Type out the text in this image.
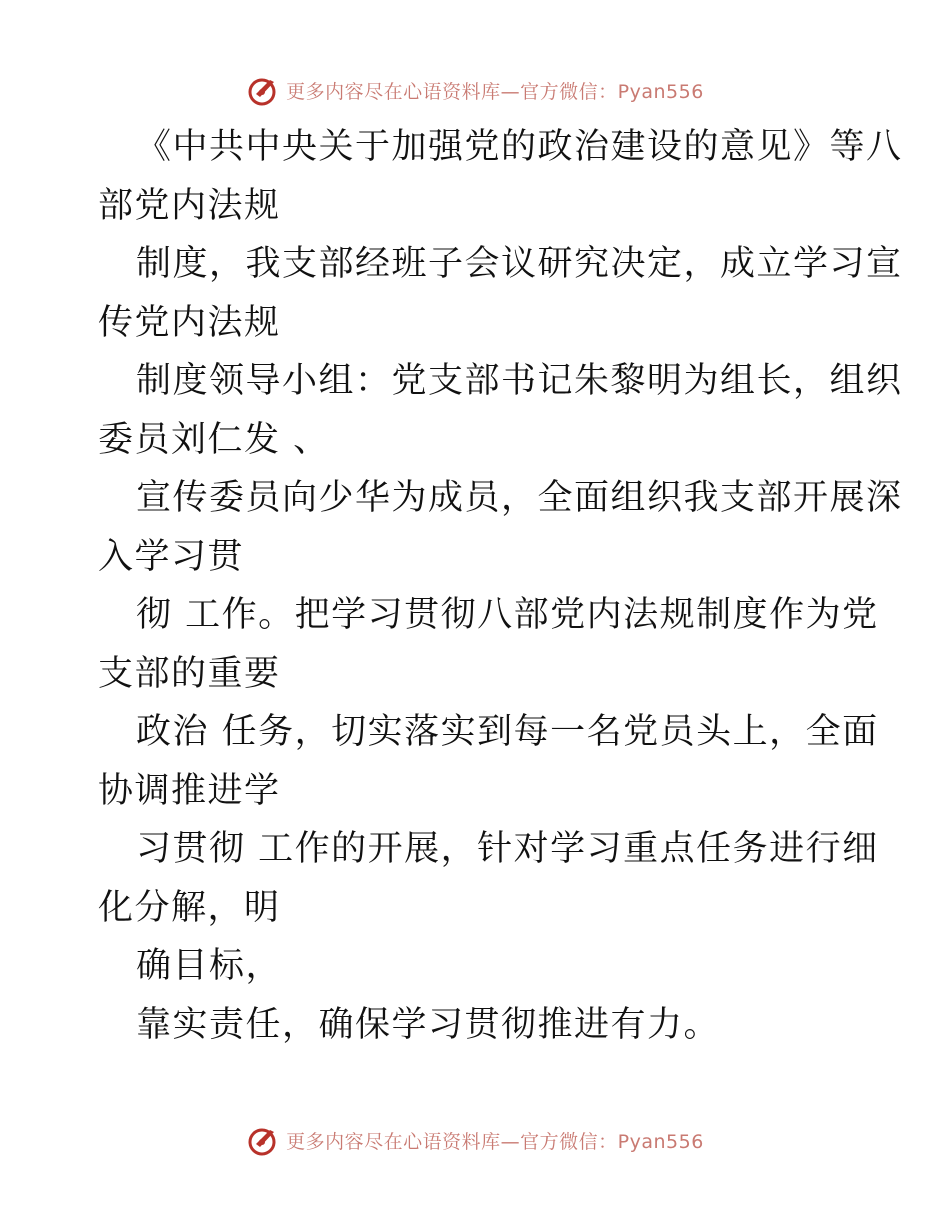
更多内容尽在心语资料库—官方微信：Pyan556
《中共中央关于加强党的政治建设的意见》等八
部党内法规
制度，我支部经班子会议研究决定，成立学习宣
传党内法规
制度领导小组：党支部书记朱黎明为组长，组织
委员刘仁发 、
宣传委员向少华为成员，全面组织我支部开展深
入学习贯
彻 工作。把学习贯彻八部党内法规制度作为党
支部的重要
政治 任务，切实落实到每一名党员头上，全面
协调推进学
习贯彻 工作的开展，针对学习重点任务进行细
化分解，明
确目标，
靠实责任，确保学习贯彻推进有力。
更多内容尽在心语资料库—官方微信：Pyan556
